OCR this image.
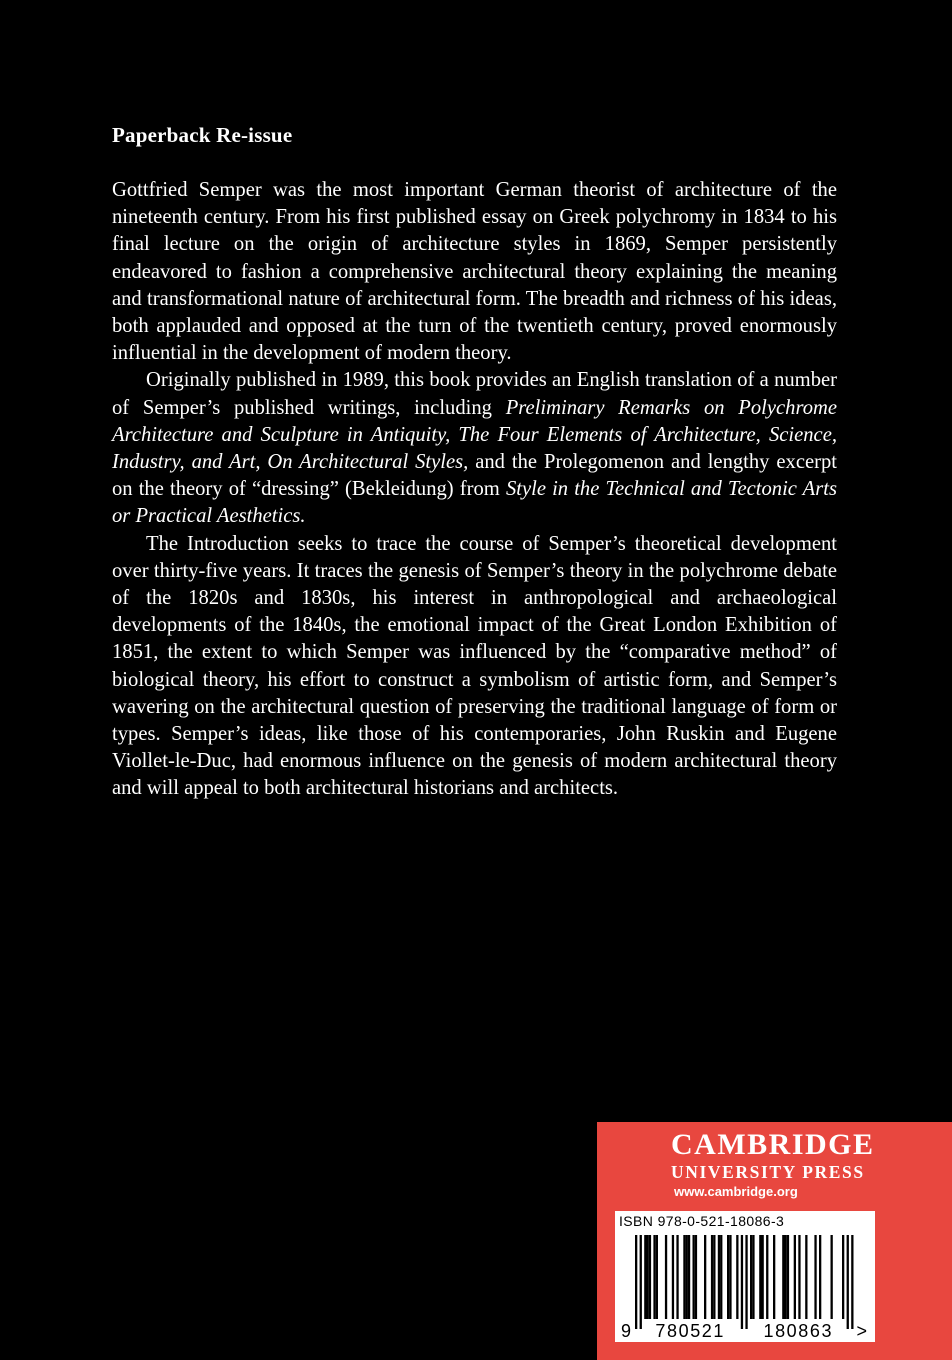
Paperback Re-issue

Gottfried Semper was the most important German theorist of architecture of the nineteenth century. From his first published essay on Greek polychromy in 1834 to his final lecture on the origin of architecture styles in 1869, Semper persistently endeavored to fashion a comprehensive architectural theory explaining the meaning and transformational nature of architectural form. The breadth and richness of his ideas, both applauded and opposed at the turn of the twentieth century, proved enormously influential in the development of modern theory.

Originally published in 1989, this book provides an English translation of a number of Semper’s published writings, including Preliminary Remarks on Polychrome Architecture and Sculpture in Antiquity, The Four Elements of Architecture, Science, Industry, and Art, On Architectural Styles, and the Prolegomenon and lengthy excerpt on the theory of “dressing” (Bekleidung) from Style in the Technical and Tectonic Arts or Practical Aesthetics.

The Introduction seeks to trace the course of Semper’s theoretical development over thirty-five years. It traces the genesis of Semper’s theory in the polychrome debate of the 1820s and 1830s, his interest in anthropological and archaeological developments of the 1840s, the emotional impact of the Great London Exhibition of 1851, the extent to which Semper was influenced by the “comparative method” of biological theory, his effort to construct a symbolism of artistic form, and Semper’s wavering on the architectural question of preserving the traditional language of form or types. Semper’s ideas, like those of his contemporaries, John Ruskin and Eugene Viollet-le-Duc, had enormous influence on the genesis of modern architectural theory and will appeal to both architectural historians and architects.

CAMBRIDGE
UNIVERSITY PRESS
www.cambridge.org
ISBN 978-0-521-18086-3
9 780521 180863 >
